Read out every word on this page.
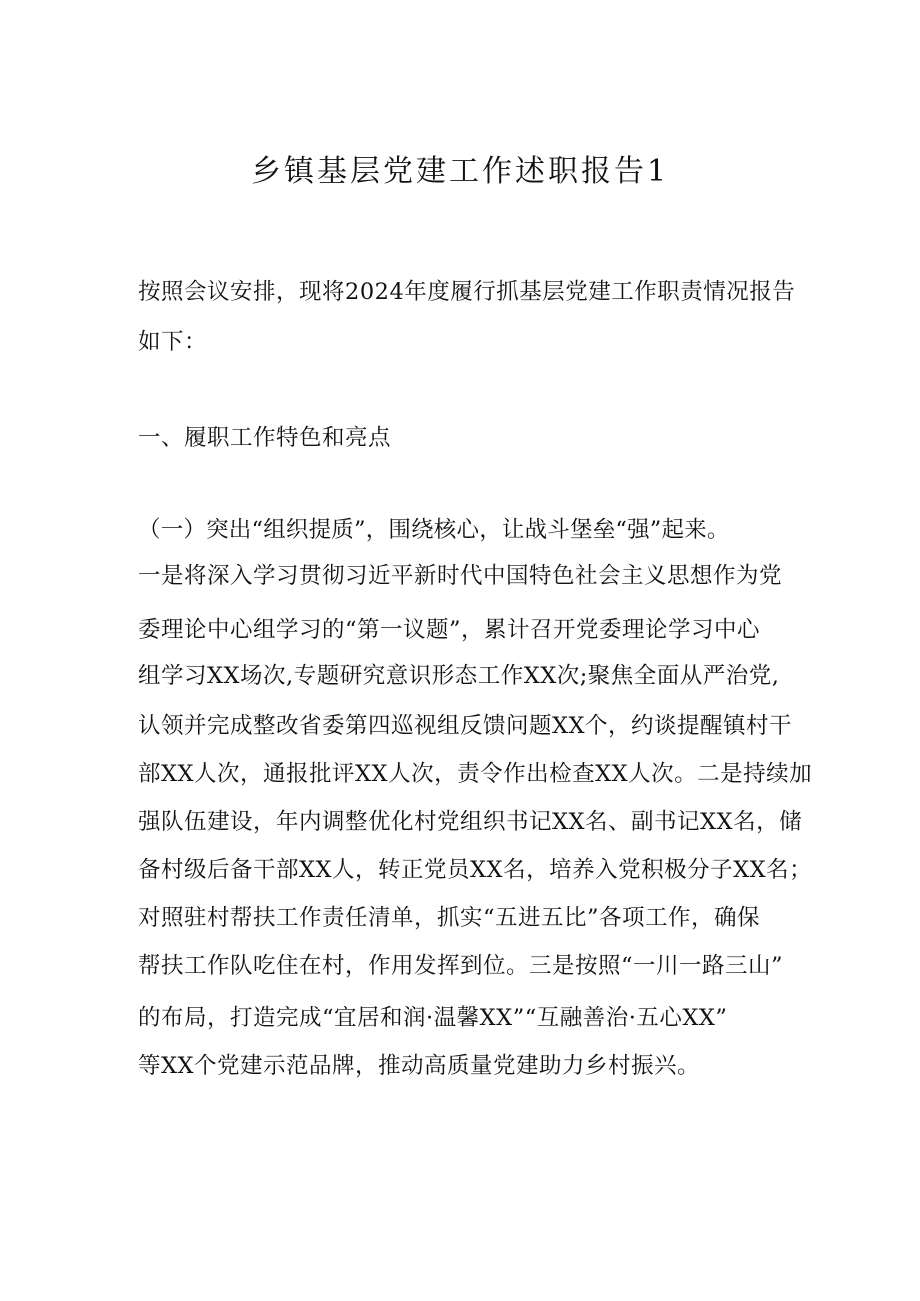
乡镇基层党建工作述职报告1
按照会议安排，现将2024年度履行抓基层党建工作职责情况报告
如下：
一、履职工作特色和亮点
（一）突出“组织提质”，围绕核心，让战斗堡垒“强”起来。
一是将深入学习贯彻习近平新时代中国特色社会主义思想作为党
委理论中心组学习的“第一议题”，累计召开党委理论学习中心
组学习XX场次,专题研究意识形态工作XX次;聚焦全面从严治党,
认领并完成整改省委第四巡视组反馈问题XX个，约谈提醒镇村干
部XX人次，通报批评XX人次，责令作出检查XX人次。二是持续加
强队伍建设，年内调整优化村党组织书记XX名、副书记XX名，储
备村级后备干部XX人，转正党员XX名，培养入党积极分子XX名；
对照驻村帮扶工作责任清单，抓实“五进五比”各项工作，确保
帮扶工作队吃住在村，作用发挥到位。三是按照“一川一路三山”
的布局，打造完成“宜居和润·温馨XX”“互融善治·五心XX”
等XX个党建示范品牌，推动高质量党建助力乡村振兴。
